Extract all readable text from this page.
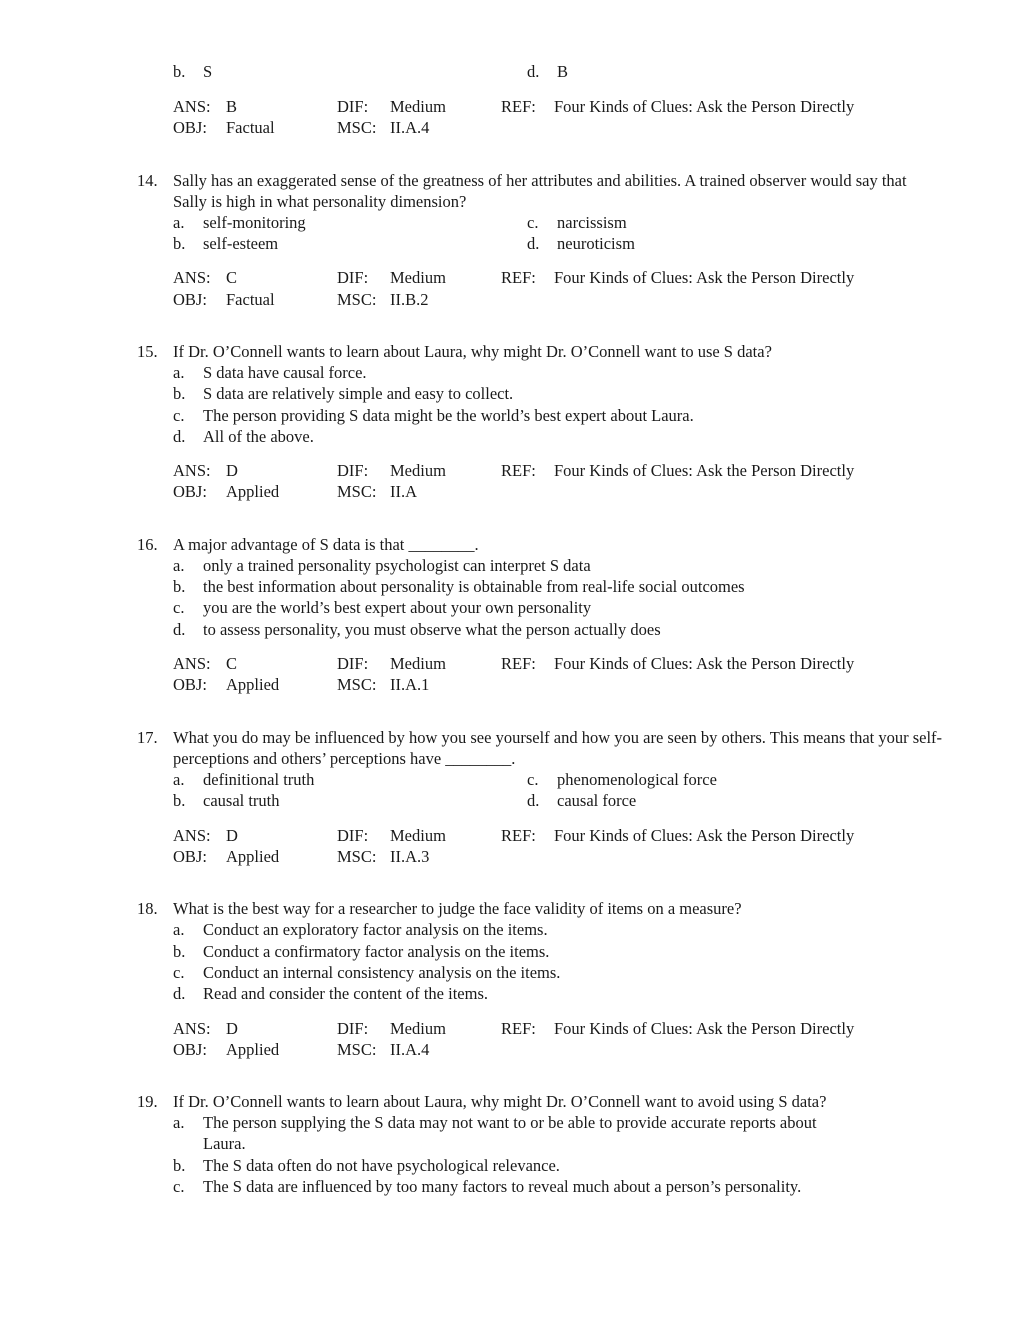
b. S	d. B
ANS: B	DIF: Medium	REF: Four Kinds of Clues: Ask the Person Directly
OBJ: Factual	MSC: II.A.4
14. Sally has an exaggerated sense of the greatness of her attributes and abilities. A trained observer would say that Sally is high in what personality dimension?
a. self-monitoring
b. self-esteem
c. narcissism
d. neuroticism
ANS: C	DIF: Medium	REF: Four Kinds of Clues: Ask the Person Directly
OBJ: Factual	MSC: II.B.2
15. If Dr. O’Connell wants to learn about Laura, why might Dr. O’Connell want to use S data?
a. S data have causal force.
b. S data are relatively simple and easy to collect.
c. The person providing S data might be the world’s best expert about Laura.
d. All of the above.
ANS: D	DIF: Medium	REF: Four Kinds of Clues: Ask the Person Directly
OBJ: Applied	MSC: II.A
16. A major advantage of S data is that ________.
a. only a trained personality psychologist can interpret S data
b. the best information about personality is obtainable from real-life social outcomes
c. you are the world’s best expert about your own personality
d. to assess personality, you must observe what the person actually does
ANS: C	DIF: Medium	REF: Four Kinds of Clues: Ask the Person Directly
OBJ: Applied	MSC: II.A.1
17. What you do may be influenced by how you see yourself and how you are seen by others. This means that your self-perceptions and others’ perceptions have ________.
a. definitional truth
b. causal truth
c. phenomenological force
d. causal force
ANS: D	DIF: Medium	REF: Four Kinds of Clues: Ask the Person Directly
OBJ: Applied	MSC: II.A.3
18. What is the best way for a researcher to judge the face validity of items on a measure?
a. Conduct an exploratory factor analysis on the items.
b. Conduct a confirmatory factor analysis on the items.
c. Conduct an internal consistency analysis on the items.
d. Read and consider the content of the items.
ANS: D	DIF: Medium	REF: Four Kinds of Clues: Ask the Person Directly
OBJ: Applied	MSC: II.A.4
19. If Dr. O’Connell wants to learn about Laura, why might Dr. O’Connell want to avoid using S data?
a. The person supplying the S data may not want to or be able to provide accurate reports about Laura.
b. The S data often do not have psychological relevance.
c. The S data are influenced by too many factors to reveal much about a person’s personality.
